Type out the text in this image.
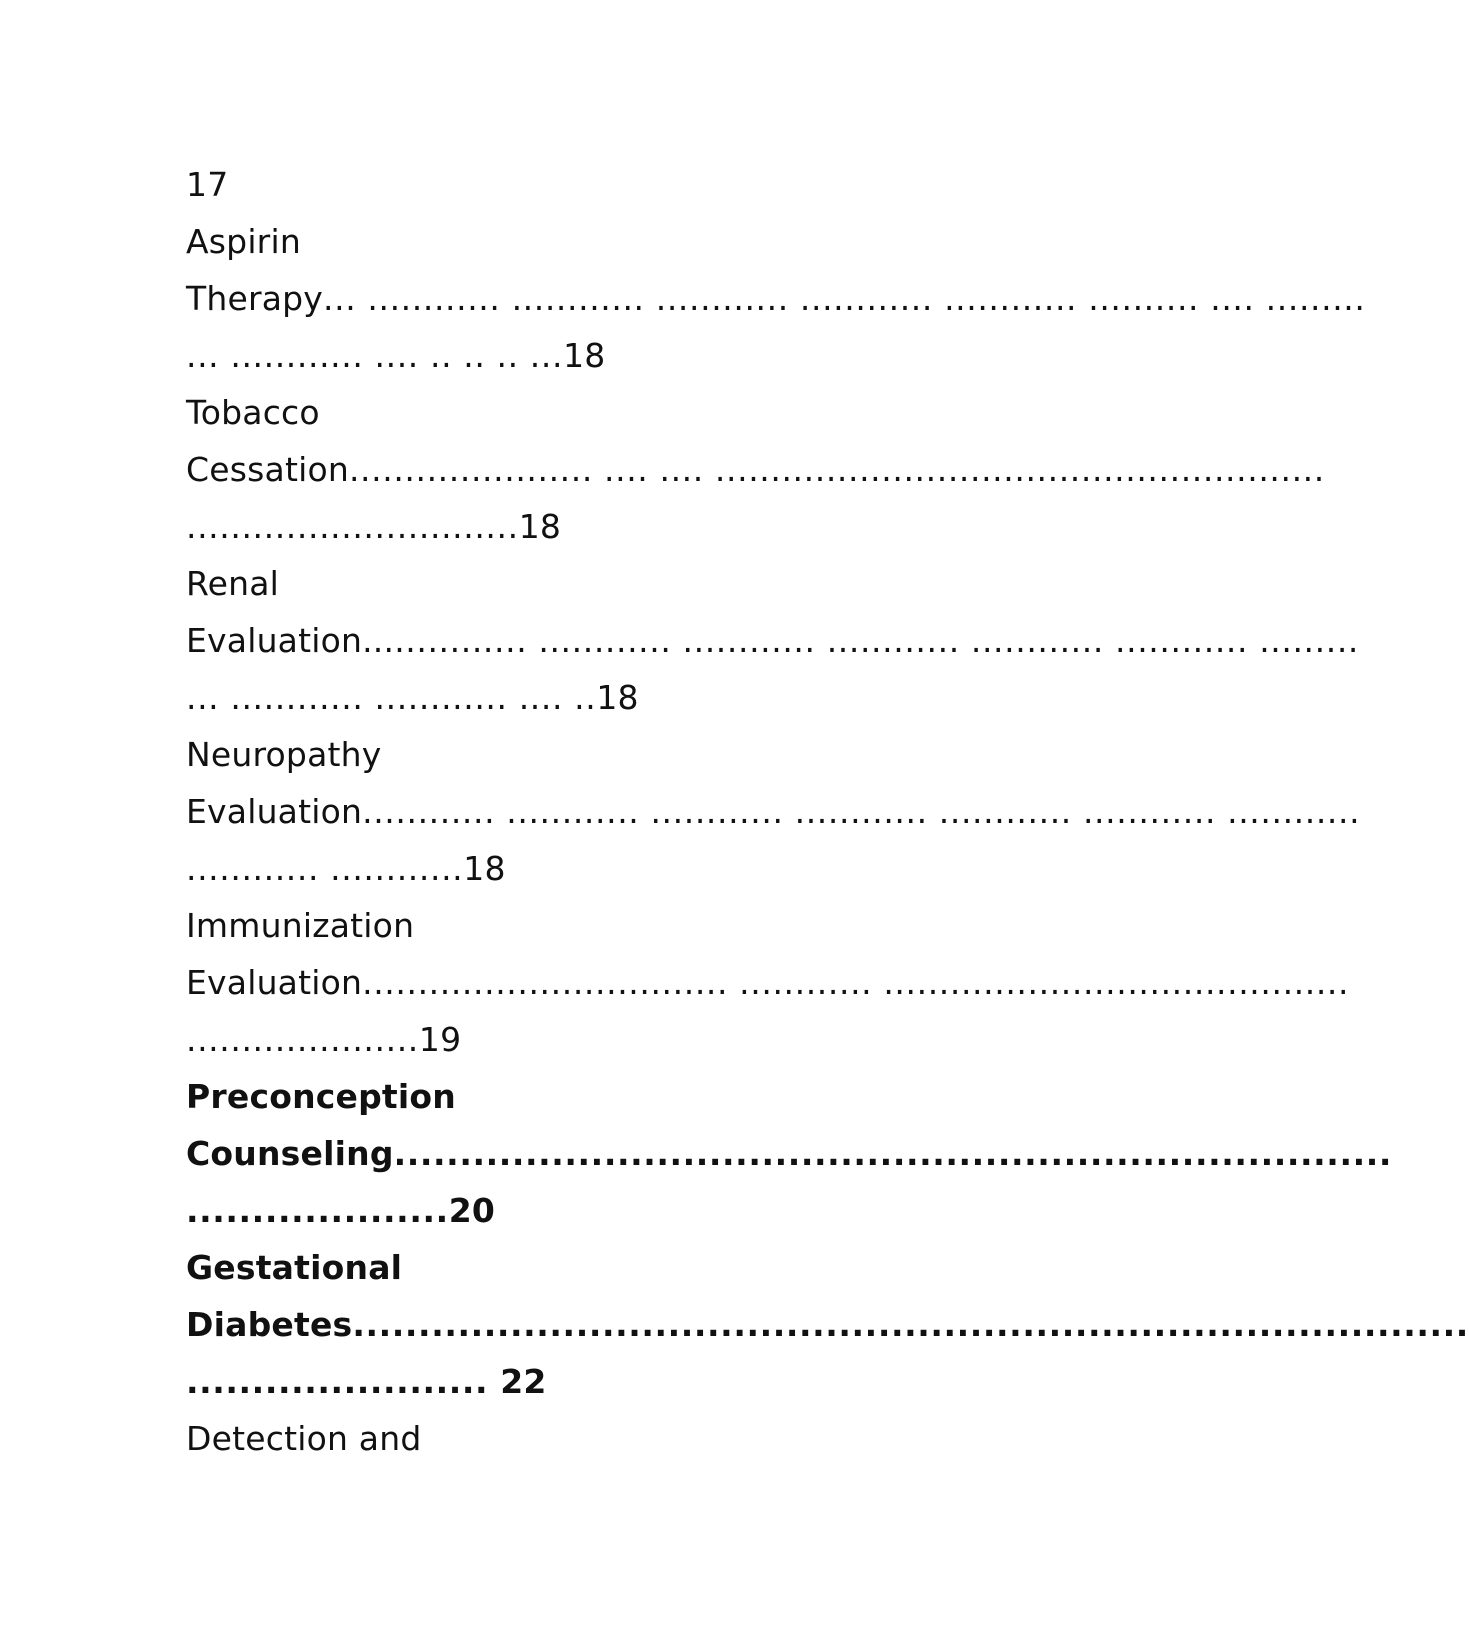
17
Aspirin
Therapy ... ............ ............ ............ ............ ............ .......... .... .........
... ............ .... .. .. .. ...18
Tobacco
Cessation ...................... .... .... .......................................................
..............................18
Renal
Evaluation... ............ ............ ............ ............ ............ ............ .........
... ............ ............ .... ..18
Neuropathy
Evaluation ............ ............ ............ ............ ............ ............ ............
............ ............18
Immunization
Evaluation ................................. ............ ..........................................
.....................19
Preconception
Counseling ............................................................................
....................20
Gestational
Diabetes .....................................................................................
....................... 22
Detection and
